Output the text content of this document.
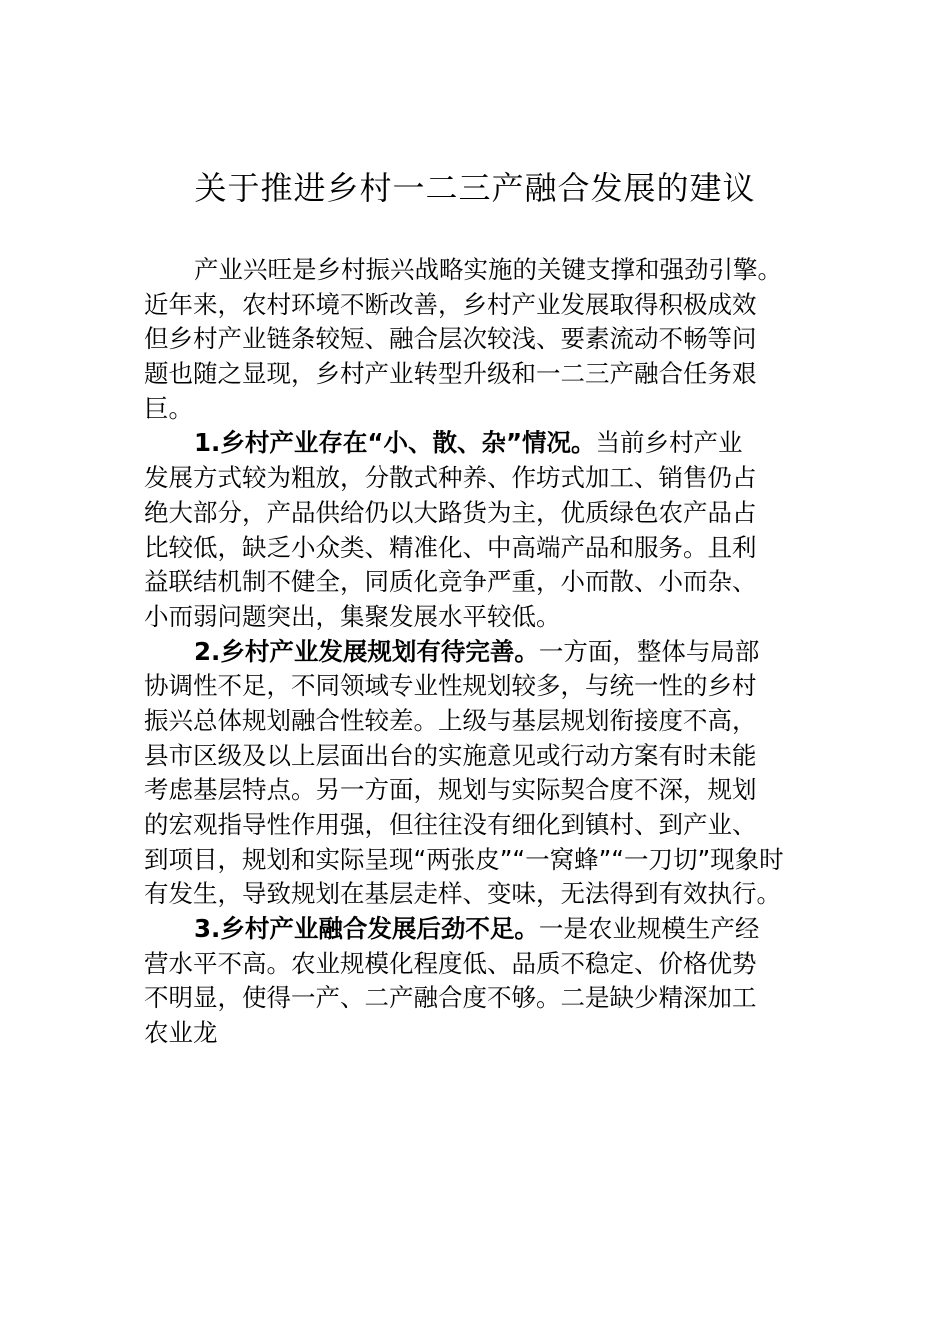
关于推进乡村一二三产融合发展的建议
产业兴旺是乡村振兴战略实施的关键支撑和强劲引擎。
近年来，农村环境不断改善，乡村产业发展取得积极成效
但乡村产业链条较短、融合层次较浅、要素流动不畅等问
题也随之显现，乡村产业转型升级和一二三产融合任务艰
巨。
1.乡村产业存在“小、散、杂”情况。当前乡村产业
发展方式较为粗放，分散式种养、作坊式加工、销售仍占
绝大部分，产品供给仍以大路货为主，优质绿色农产品占
比较低，缺乏小众类、精准化、中高端产品和服务。且利
益联结机制不健全，同质化竞争严重，小而散、小而杂、
小而弱问题突出，集聚发展水平较低。
2.乡村产业发展规划有待完善。一方面，整体与局部
协调性不足，不同领域专业性规划较多，与统一性的乡村
振兴总体规划融合性较差。上级与基层规划衔接度不高，
县市区级及以上层面出台的实施意见或行动方案有时未能
考虑基层特点。另一方面，规划与实际契合度不深，规划
的宏观指导性作用强，但往往没有细化到镇村、到产业、
到项目，规划和实际呈现“两张皮”“一窝蜂”“一刀切”现象时
有发生，导致规划在基层走样、变味，无法得到有效执行。
3.乡村产业融合发展后劲不足。一是农业规模生产经
营水平不高。农业规模化程度低、品质不稳定、价格优势
不明显，使得一产、二产融合度不够。二是缺少精深加工
农业龙
